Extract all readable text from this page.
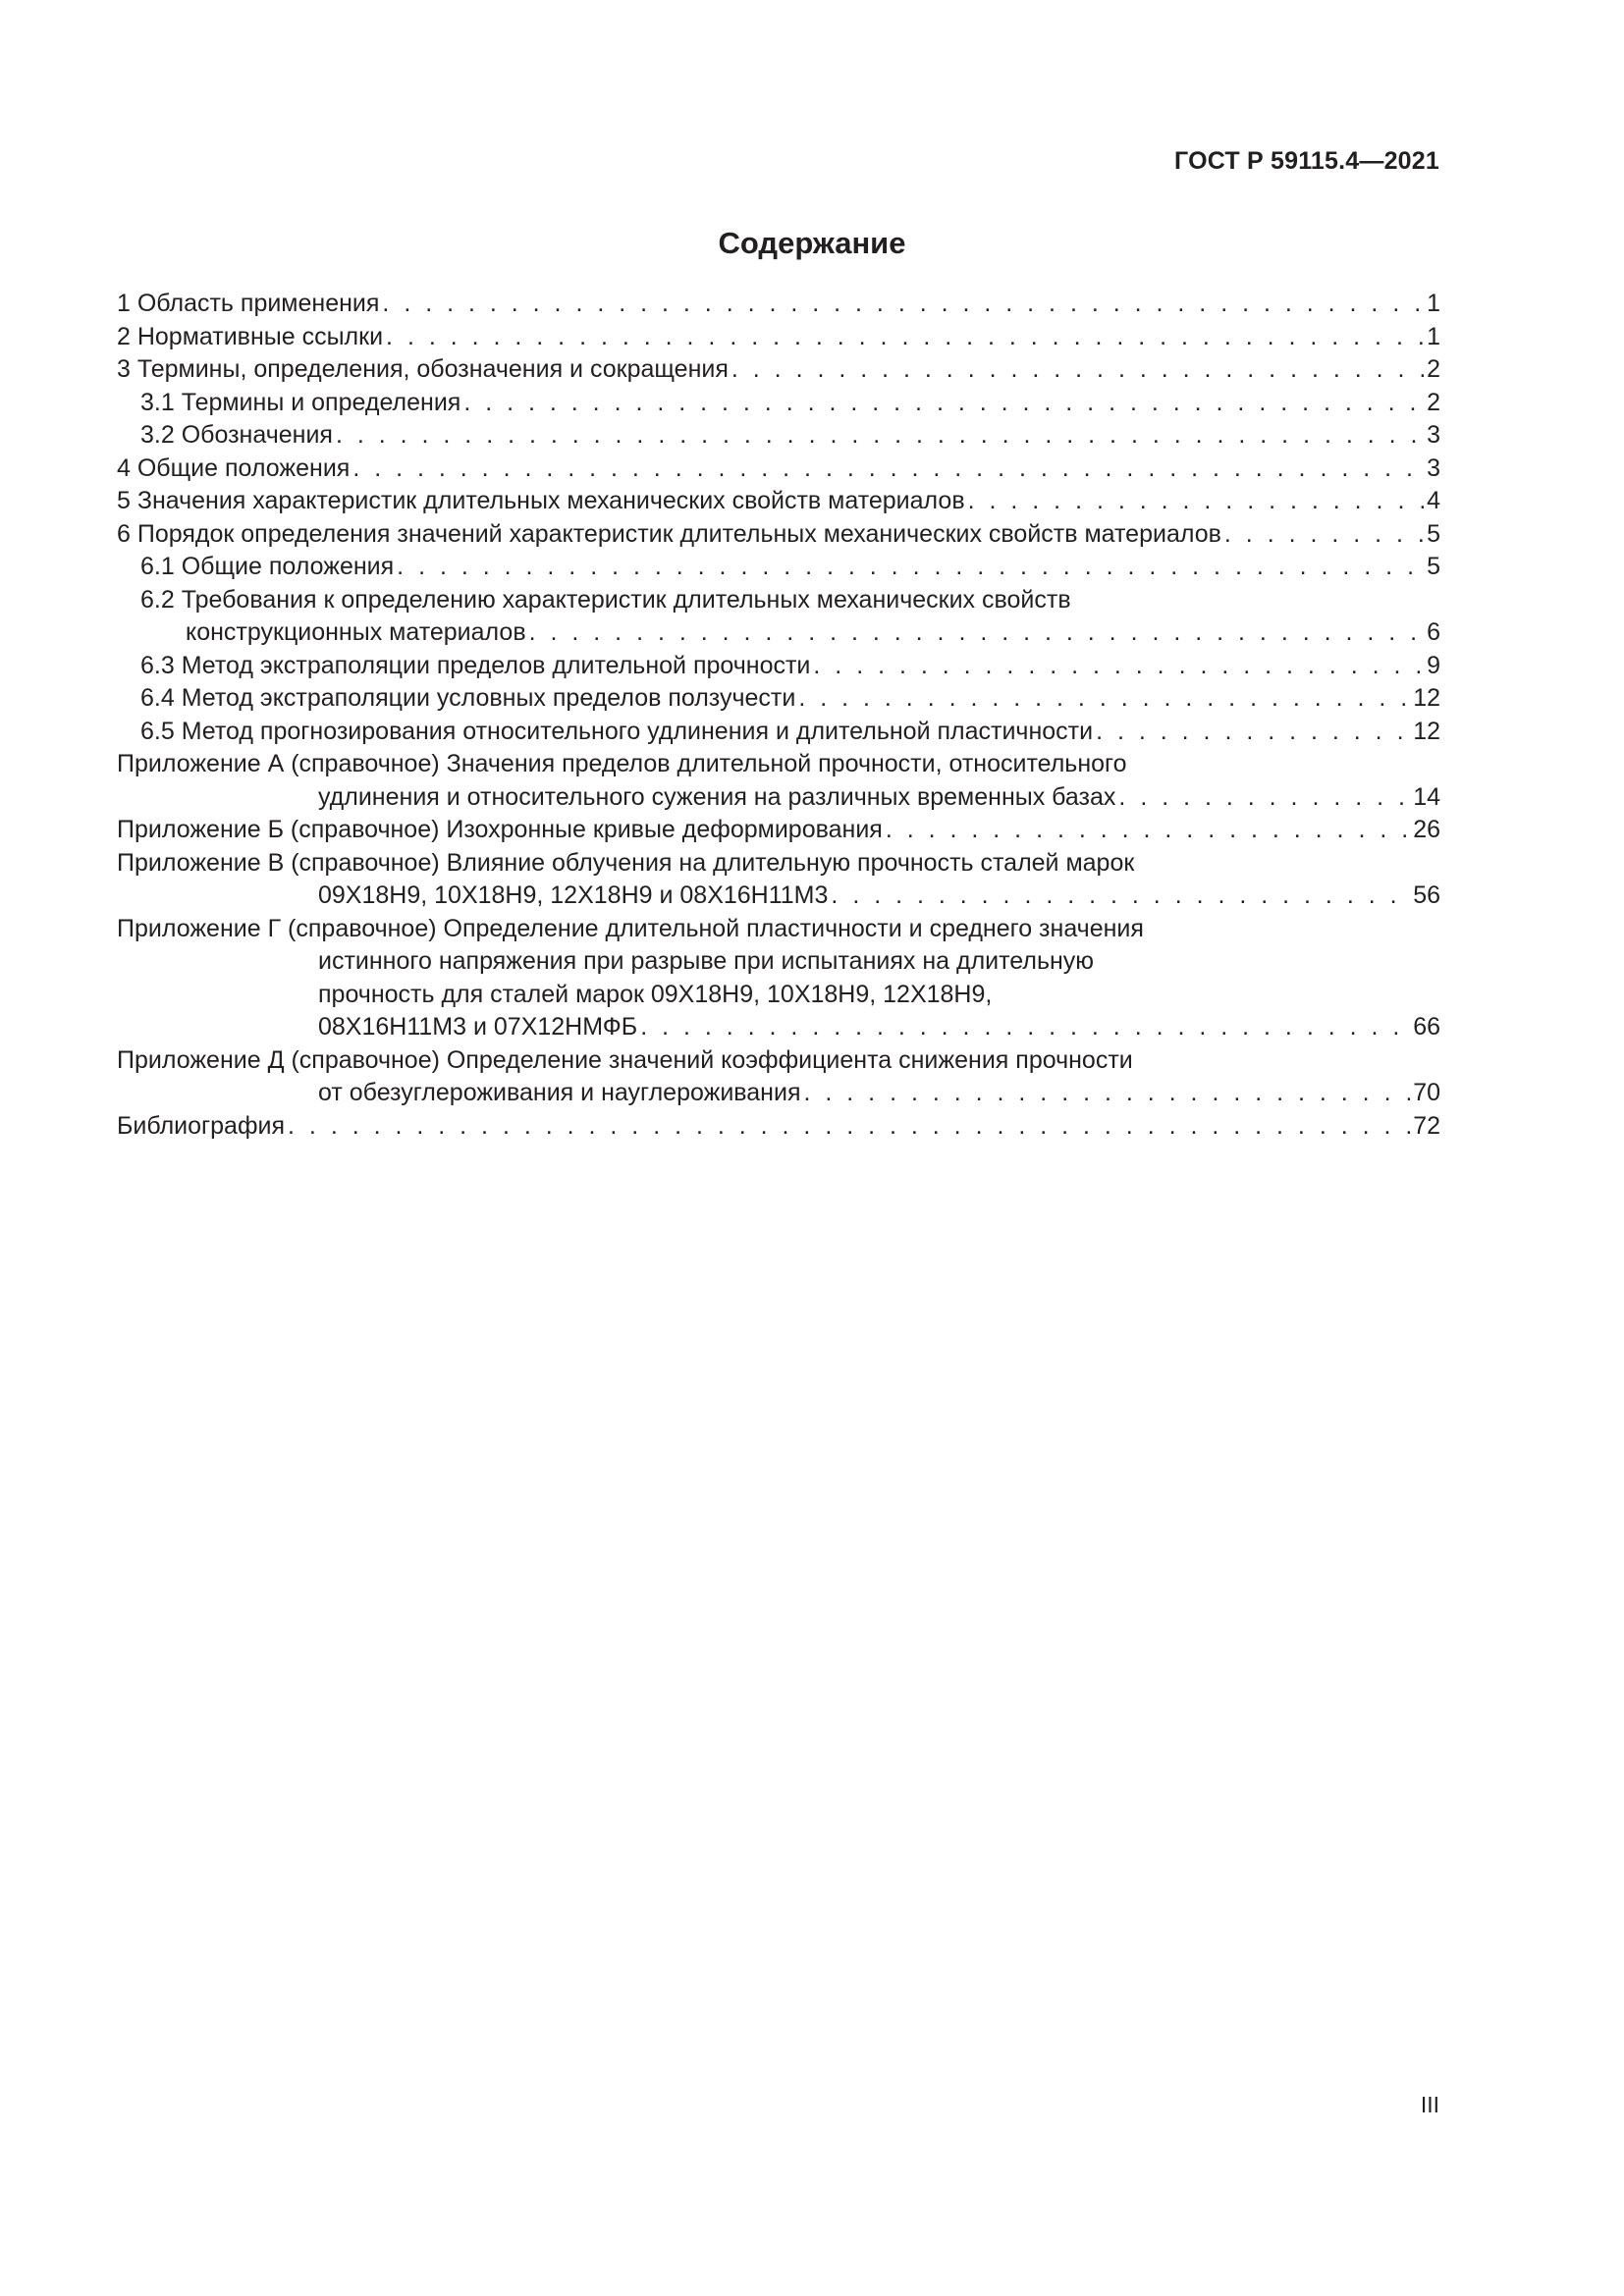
ГОСТ Р 59115.4—2021
Содержание
1 Область применения . . .	1
2 Нормативные ссылки . . .	1
3 Термины, определения, обозначения и сокращения . . .	2
3.1 Термины и определения . . .	2
3.2 Обозначения . . .	3
4 Общие положения . . .	3
5 Значения характеристик длительных механических свойств материалов . . .	4
6 Порядок определения значений характеристик длительных механических свойств материалов . . .	5
6.1 Общие положения . . .	5
6.2 Требования к определению характеристик длительных механических свойств
конструкционных материалов . . .	6
6.3 Метод экстраполяции пределов длительной прочности . . .	9
6.4 Метод экстраполяции условных пределов ползучести . . .	12
6.5 Метод прогнозирования относительного удлинения и длительной пластичности . . .	12
Приложение А (справочное) Значения пределов длительной прочности, относительного
удлинения и относительного сужения на различных временных базах . . .	14
Приложение Б (справочное) Изохронные кривые деформирования . . .	26
Приложение В (справочное) Влияние облучения на длительную прочность сталей марок
09Х18Н9, 10Х18Н9, 12Х18Н9 и 08Х16Н11М3 . . .	56
Приложение Г (справочное) Определение длительной пластичности и среднего значения
истинного напряжения при разрыве при испытаниях на длительную
прочность для сталей марок 09Х18Н9, 10Х18Н9, 12Х18Н9,
08Х16Н11М3 и 07Х12НМФБ . . .	66
Приложение Д (справочное) Определение значений коэффициента снижения прочности
от обезуглероживания и науглероживания . . .	70
Библиография . . .	72
III
